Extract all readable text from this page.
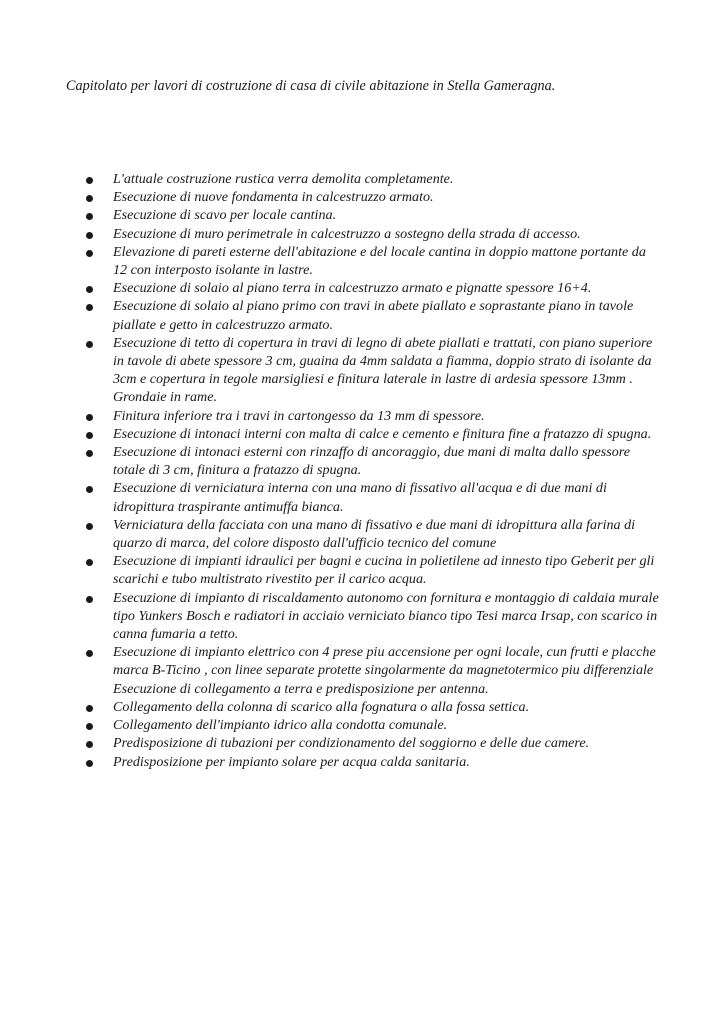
Capitolato per lavori di costruzione di casa di civile abitazione in Stella Gameragna.
L'attuale costruzione rustica verra demolita completamente.
Esecuzione di nuove fondamenta in calcestruzzo armato.
Esecuzione di scavo per locale cantina.
Esecuzione di muro perimetrale in calcestruzzo a sostegno della strada di accesso.
Elevazione di pareti esterne dell'abitazione e del locale cantina in doppio mattone portante da 12 con interposto isolante in lastre.
Esecuzione di solaio al piano terra in calcestruzzo armato e pignatte spessore 16+4.
Esecuzione di solaio al piano primo con travi in abete piallato e soprastante piano in tavole piallate e getto in calcestruzzo armato.
Esecuzione di tetto di copertura in travi di legno di abete piallati e trattati, con piano superiore in tavole di abete spessore 3 cm, guaina da 4mm saldata a fiamma, doppio strato di isolante da 3cm e copertura in tegole marsigliesi e finitura laterale in lastre di ardesia spessore 13mm . Grondaie in rame.
Finitura inferiore tra i travi in cartongesso da 13 mm di spessore.
Esecuzione di intonaci interni con malta di calce e cemento e finitura fine a fratazzo di spugna.
Esecuzione di intonaci esterni con rinzaffo di ancoraggio, due mani di malta dallo spessore totale di 3 cm, finitura a fratazzo di spugna.
Esecuzione di verniciatura interna con una mano di fissativo all'acqua e di due mani di idropittura traspirante antimuffa bianca.
Verniciatura della facciata con una mano di fissativo e due mani di idropittura alla farina di quarzo di marca, del colore disposto dall'ufficio tecnico del comune
Esecuzione di impianti idraulici per bagni e cucina in polietilene ad innesto tipo Geberit per gli scarichi e tubo multistrato rivestito per il carico acqua.
Esecuzione di impianto di riscaldamento autonomo con fornitura e montaggio di caldaia murale tipo Yunkers Bosch e radiatori in acciaio verniciato bianco tipo Tesi marca Irsap, con scarico in canna fumaria a tetto.
Esecuzione di impianto elettrico con 4 prese piu accensione per ogni locale, cun frutti e placche marca B-Ticino , con linee separate protette singolarmente da magnetotermico piu differenziale Esecuzione di collegamento a terra e predisposizione per antenna.
Collegamento della colonna di scarico alla fognatura o alla fossa settica.
Collegamento dell'impianto idrico alla condotta comunale.
Predisposizione di tubazioni per condizionamento del soggiorno e delle due camere.
Predisposizione per impianto solare per acqua calda sanitaria.
